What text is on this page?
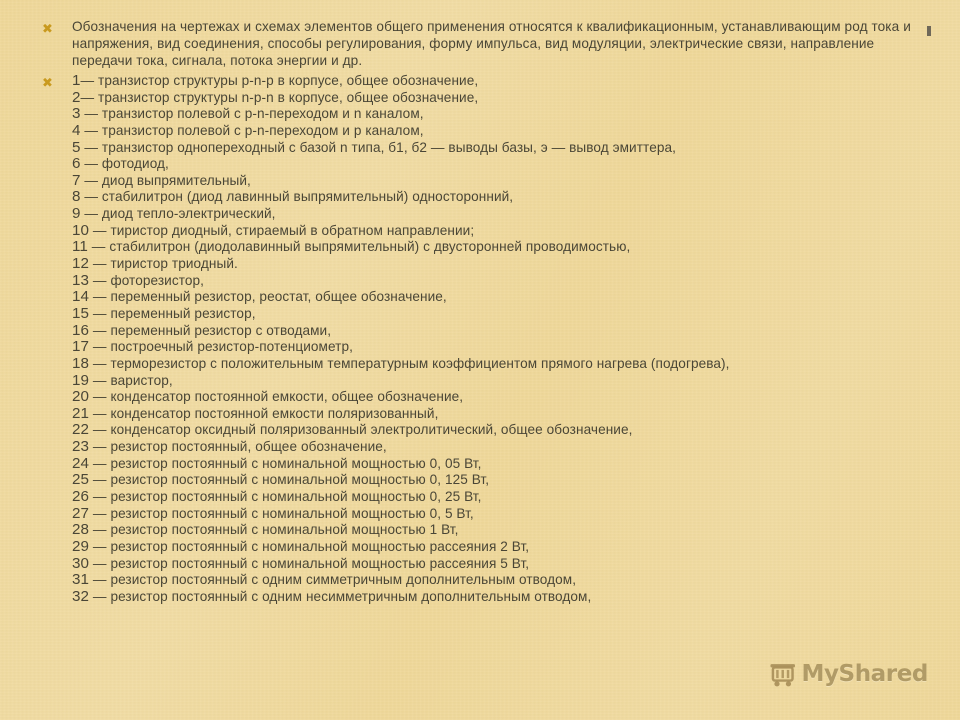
✖	Обозначения на чертежах и схемах элементов общего применения относятся к квалификационным, устанавливающим род тока и напряжения, вид соединения, способы регулирования, форму импульса, вид модуляции, электрические связи, направление передачи тока, сигнала, потока энергии и др.
✖	1— транзистор структуры p-n-p в корпусе, общее обозначение,
2— транзистор структуры n-p-n в корпусе, общее обозначение,
3 — транзистор полевой с p-n-переходом и n каналом,
4 — транзистор полевой с p-n-переходом и p каналом,
5 — транзистор однопереходный с базой n типа, б1, б2 — выводы базы, э — вывод эмиттера,
6 — фотодиод,
7 — диод выпрямительный,
8 — стабилитрон (диод лавинный выпрямительный) односторонний,
9 — диод тепло-электрический,
10 — тиристор диодный, стираемый в обратном направлении;
11 — стабилитрон (диодолавинный выпрямительный) с двусторонней проводимостью,
12 — тиристор триодный.
13 — фоторезистор,
14 — переменный резистор, реостат, общее обозначение,
15 — переменный резистор,
16 — переменный резистор с отводами,
17 — построечный резистор-потенциометр,
18 — терморезистор с положительным температурным коэффициентом прямого нагрева (подогрева),
19 — варистор,
20 — конденсатор постоянной емкости, общее обозначение,
21 — конденсатор постоянной емкости поляризованный,
22 — конденсатор оксидный поляризованный электролитический, общее обозначение,
23 — резистор постоянный, общее обозначение,
24 — резистор постоянный с номинальной мощностью 0, 05 Вт,
25 — резистор постоянный с номинальной мощностью 0, 125 Вт,
26 — резистор постоянный с номинальной мощностью 0, 25 Вт,
27 — резистор постоянный с номинальной мощностью 0, 5 Вт,
28 — резистор постоянный с номинальной мощностью 1 Вт,
29 — резистор постоянный с номинальной мощностью рассеяния 2 Вт,
30 — резистор постоянный с номинальной мощностью рассеяния 5 Вт,
31 — резистор постоянный с одним симметричным дополнительным отводом,
32 — резистор постоянный с одним несимметричным дополнительным отводом,
MyShared
